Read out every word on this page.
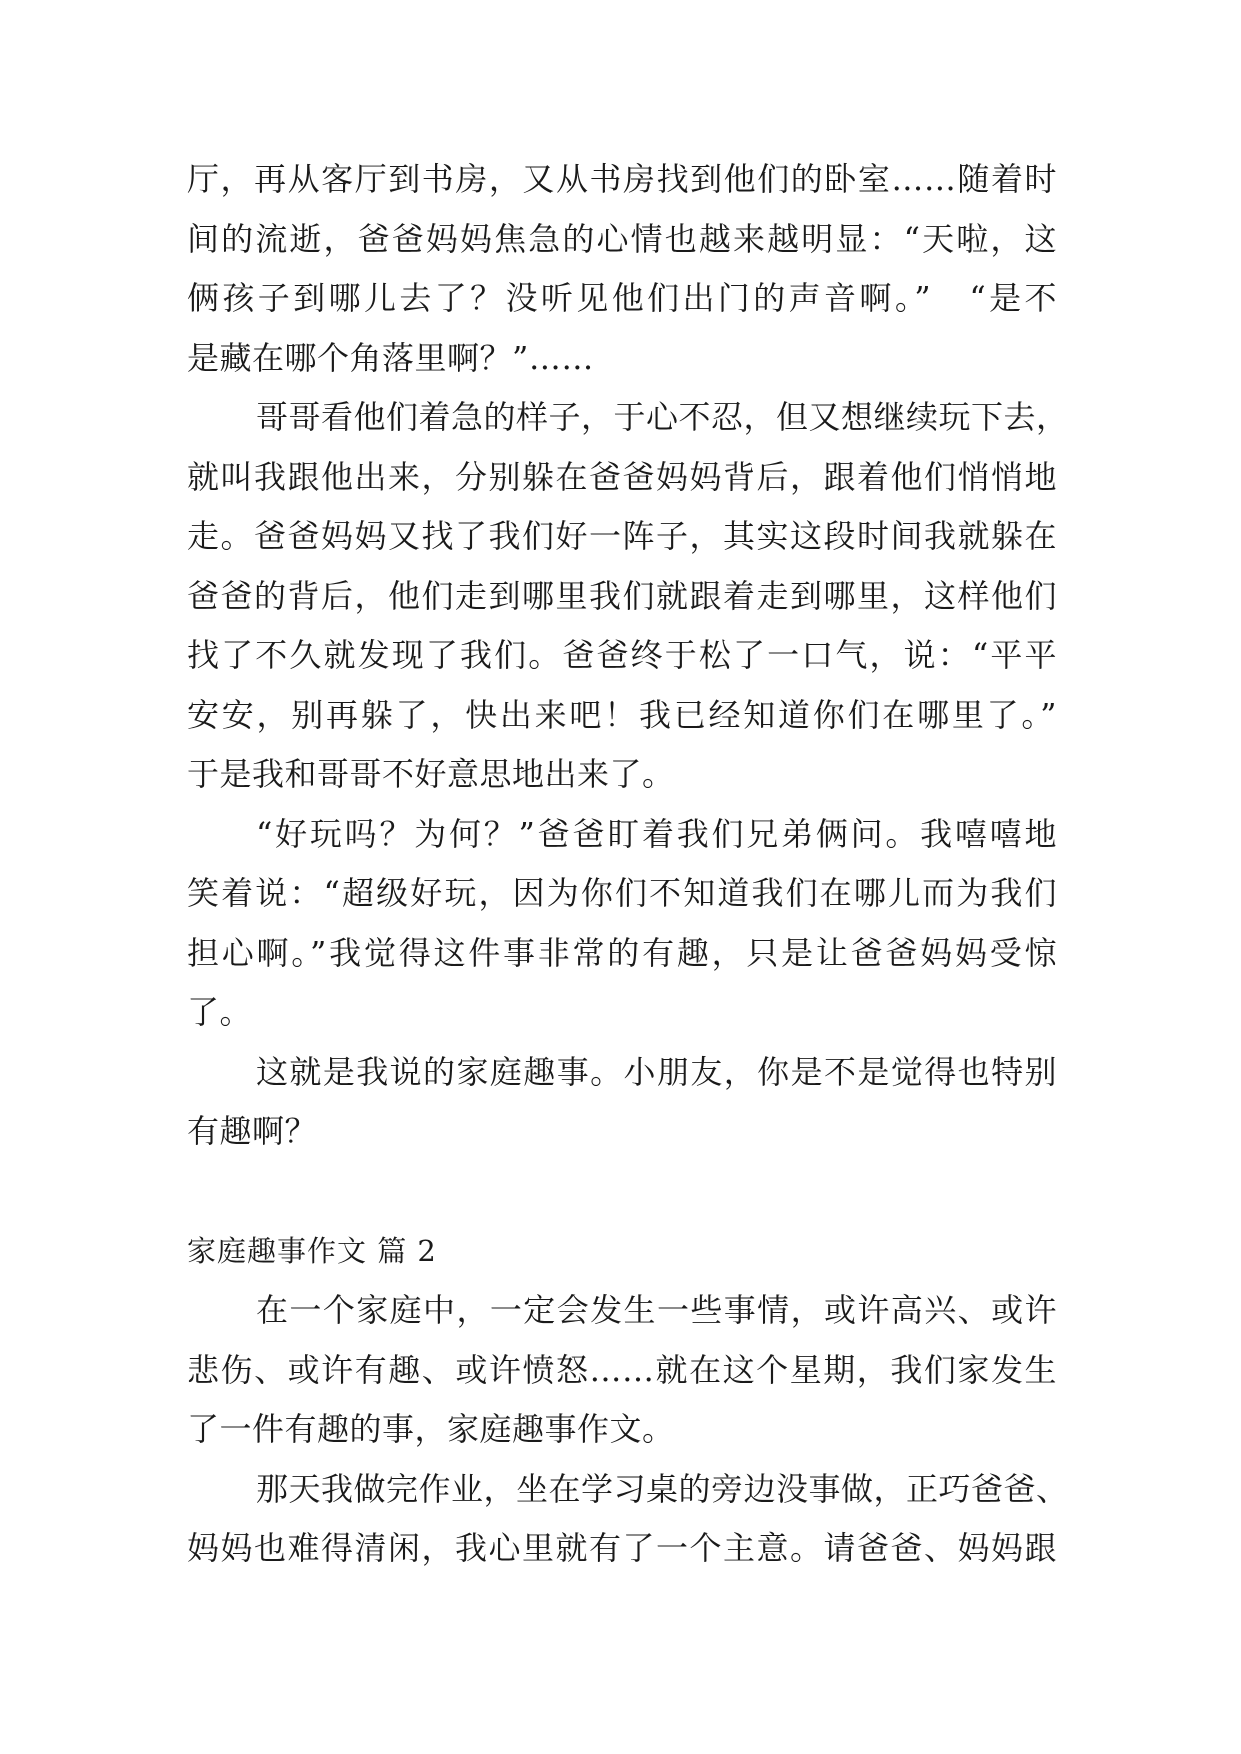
厅，再从客厅到书房，又从书房找到他们的卧室……随着时
间的流逝，爸爸妈妈焦急的心情也越来越明显：“天啦，这
俩孩子到哪儿去了？没听见他们出门的声音啊。”　“是不
是藏在哪个角落里啊？”……
哥哥看他们着急的样子，于心不忍，但又想继续玩下去，
就叫我跟他出来，分别躲在爸爸妈妈背后，跟着他们悄悄地
走。爸爸妈妈又找了我们好一阵子，其实这段时间我就躲在
爸爸的背后，他们走到哪里我们就跟着走到哪里，这样他们
找了不久就发现了我们。爸爸终于松了一口气，说：“平平
安安，别再躲了，快出来吧！我已经知道你们在哪里了。”
于是我和哥哥不好意思地出来了。
“好玩吗？为何？”爸爸盯着我们兄弟俩问。我嘻嘻地
笑着说：“超级好玩，因为你们不知道我们在哪儿而为我们
担心啊。”我觉得这件事非常的有趣，只是让爸爸妈妈受惊
了。
这就是我说的家庭趣事。小朋友，你是不是觉得也特别
有趣啊？
家庭趣事作文 篇 2
在一个家庭中，一定会发生一些事情，或许高兴、或许
悲伤、或许有趣、或许愤怒……就在这个星期，我们家发生
了一件有趣的事，家庭趣事作文。
那天我做完作业，坐在学习桌的旁边没事做，正巧爸爸、
妈妈也难得清闲，我心里就有了一个主意。请爸爸、妈妈跟
